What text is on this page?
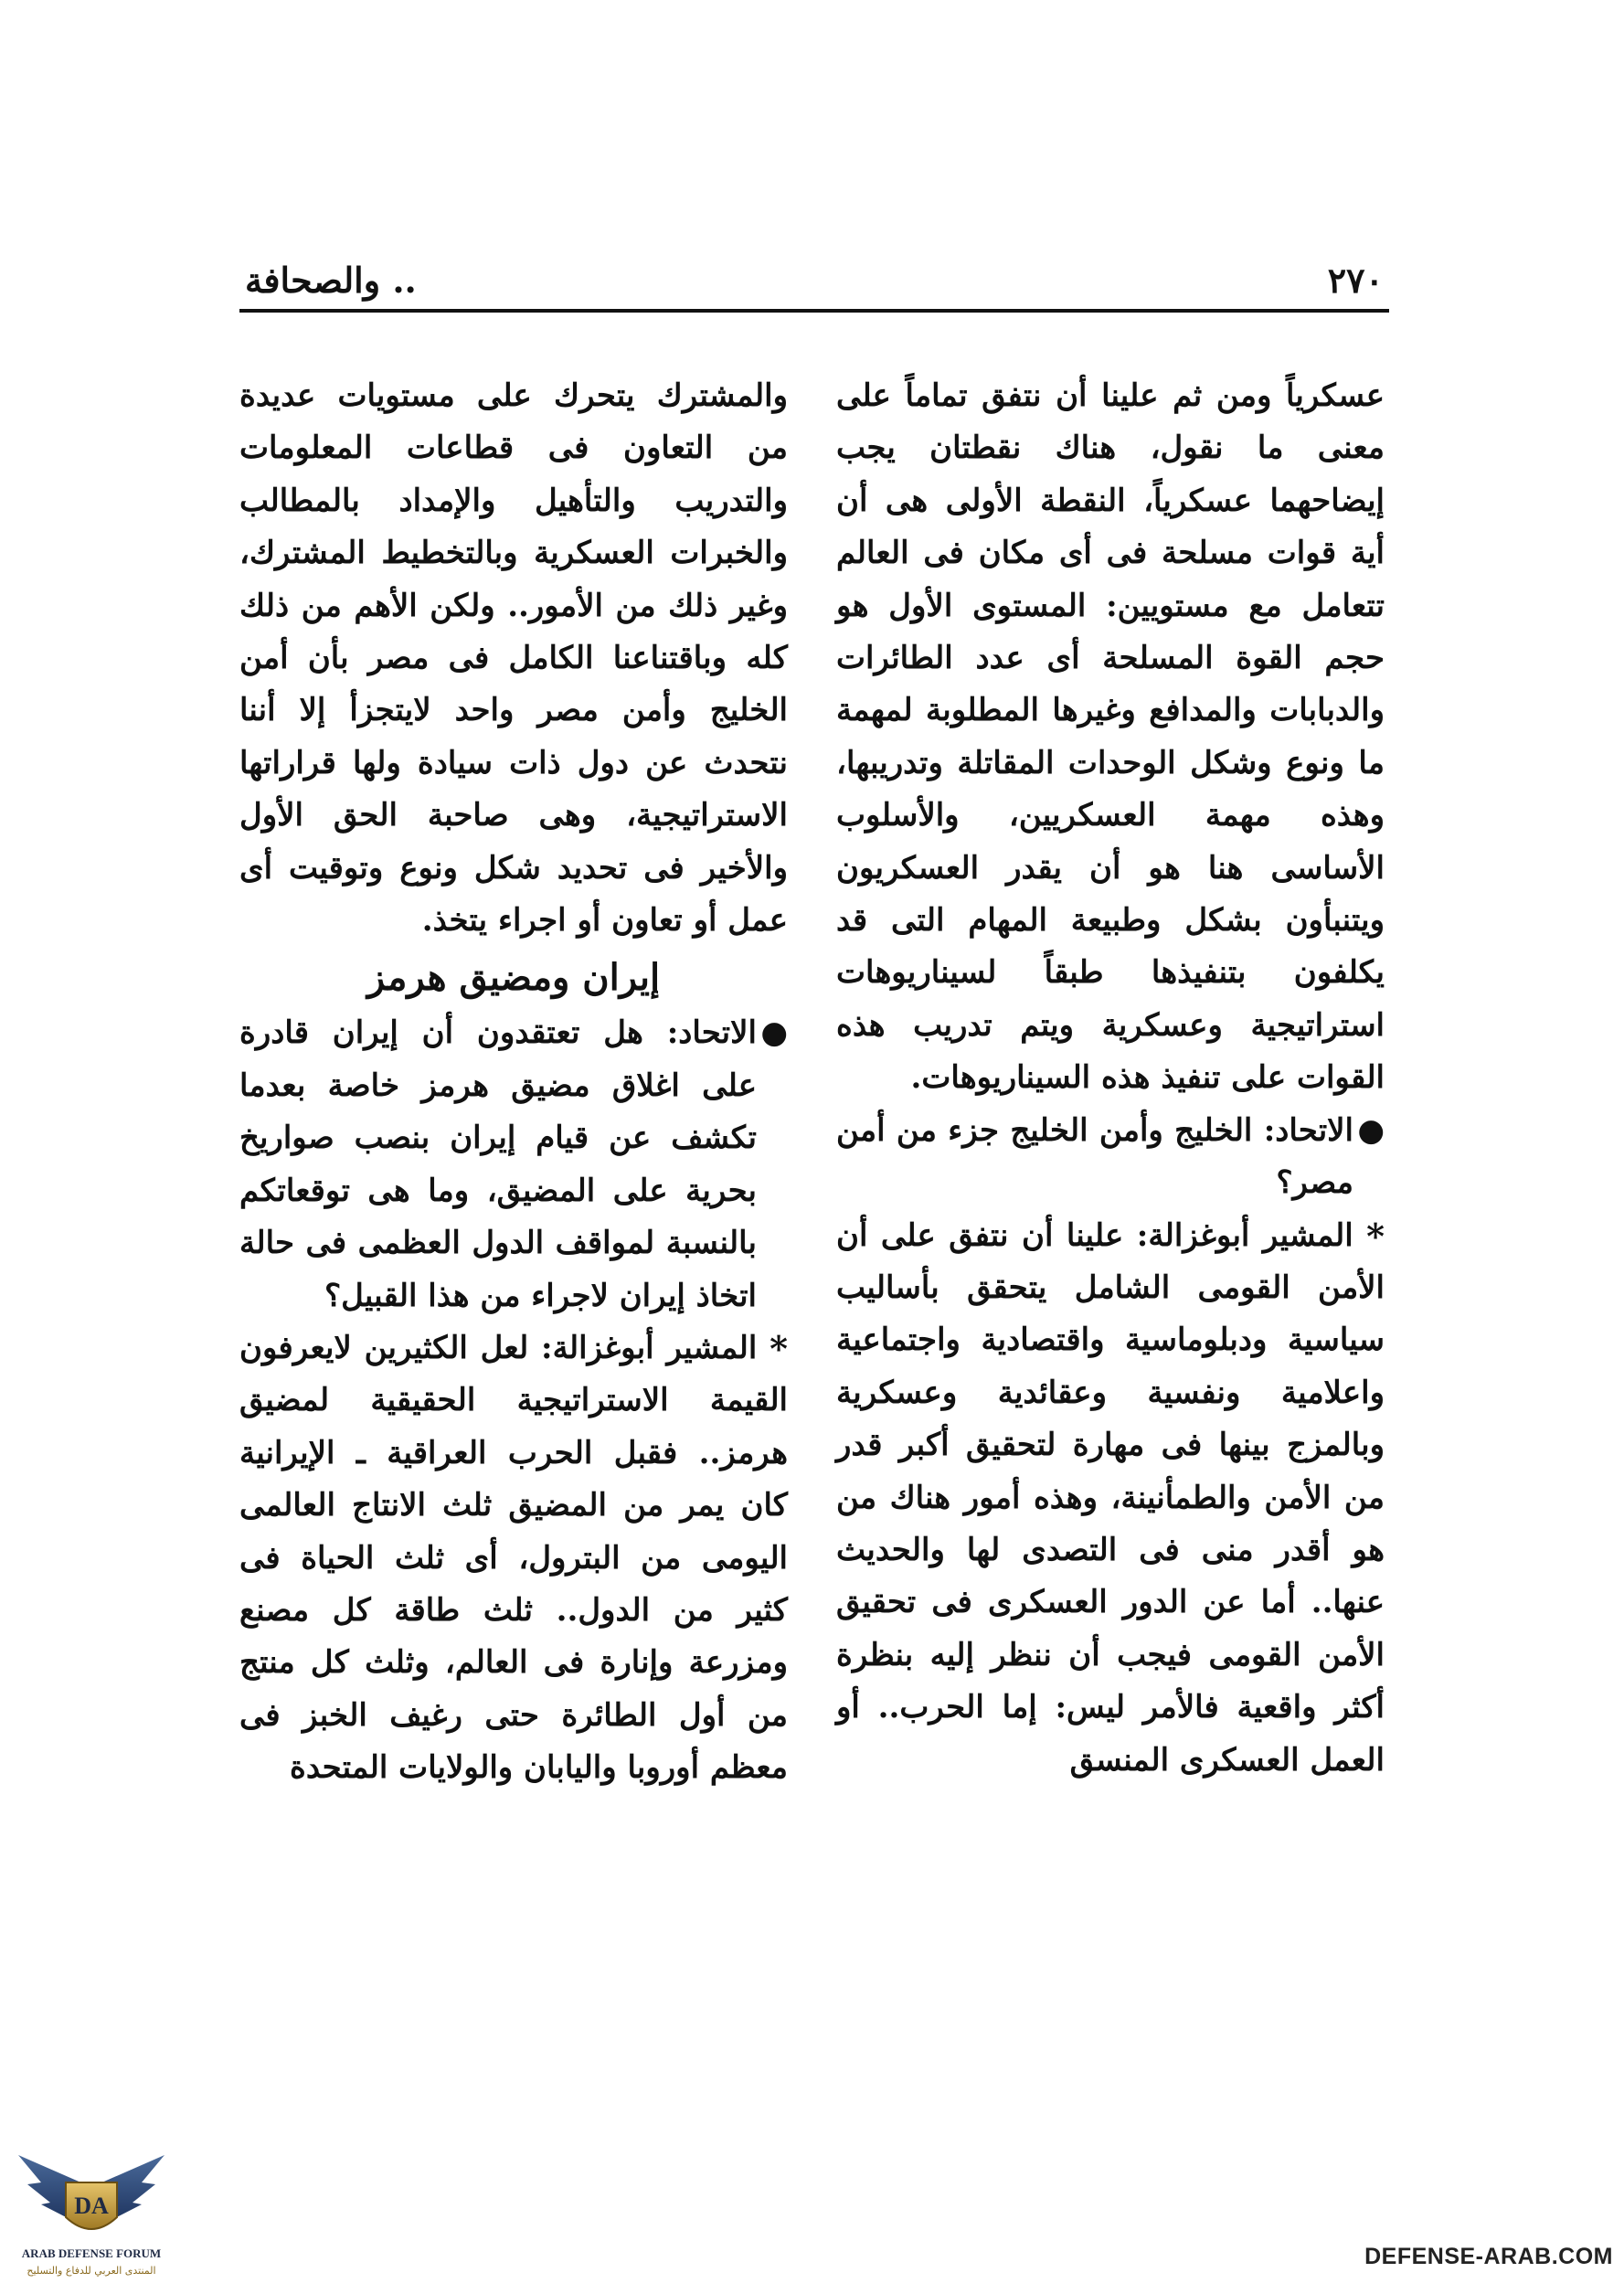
٢٧٠
.. والصحافة

عسكرياً ومن ثم علينا أن نتفق تماماً على معنى ما نقول، هناك نقطتان يجب إيضاحهما عسكرياً، النقطة الأولى هى أن أية قوات مسلحة فى أى مكان فى العالم تتعامل مع مستويين: المستوى الأول هو حجم القوة المسلحة أى عدد الطائرات والدبابات والمدافع وغيرها المطلوبة لمهمة ما ونوع وشكل الوحدات المقاتلة وتدريبها، وهذه مهمة العسكريين، والأسلوب الأساسى هنا هو أن يقدر العسكريون ويتنبأون بشكل وطبيعة المهام التى قد يكلفون بتنفيذها طبقاً لسيناريوهات استراتيجية وعسكرية ويتم تدريب هذه القوات على تنفيذ هذه السيناريوهات.

●الاتحاد: الخليج وأمن الخليج جزء من أمن مصر؟

* المشير أبوغزالة: علينا أن نتفق على أن الأمن القومى الشامل يتحقق بأساليب سياسية ودبلوماسية واقتصادية واجتماعية واعلامية ونفسية وعقائدية وعسكرية وبالمزج بينها فى مهارة لتحقيق أكبر قدر من الأمن والطمأنينة، وهذه أمور هناك من هو أقدر منى فى التصدى لها والحديث عنها.. أما عن الدور العسكرى فى تحقيق الأمن القومى فيجب أن ننظر إليه بنظرة أكثر واقعية فالأمر ليس: إما الحرب.. أو العمل العسكرى المنسق

والمشترك يتحرك على مستويات عديدة من التعاون فى قطاعات المعلومات والتدريب والتأهيل والإمداد بالمطالب والخبرات العسكرية وبالتخطيط المشترك، وغير ذلك من الأمور.. ولكن الأهم من ذلك كله وباقتناعنا الكامل فى مصر بأن أمن الخليج وأمن مصر واحد لايتجزأ إلا أننا نتحدث عن دول ذات سيادة ولها قراراتها الاستراتيجية، وهى صاحبة الحق الأول والأخير فى تحديد شكل ونوع وتوقيت أى عمل أو تعاون أو اجراء يتخذ.

إيران ومضيق هرمز

●الاتحاد: هل تعتقدون أن إيران قادرة على اغلاق مضيق هرمز خاصة بعدما تكشف عن قيام إيران بنصب صواريخ بحرية على المضيق، وما هى توقعاتكم بالنسبة لمواقف الدول العظمى فى حالة اتخاذ إيران لاجراء من هذا القبيل؟

* المشير أبوغزالة: لعل الكثيرين لايعرفون القيمة الاستراتيجية الحقيقية لمضيق هرمز.. فقبل الحرب العراقية ـ الإيرانية كان يمر من المضيق ثلث الانتاج العالمى اليومى من البترول، أى ثلث الحياة فى كثير من الدول.. ثلث طاقة كل مصنع ومزرعة وإنارة فى العالم، وثلث كل منتج من أول الطائرة حتى رغيف الخبز فى معظم أوروبا واليابان والولايات المتحدة

DA
ARAB DEFENSE FORUM
المنتدى العربي للدفاع والتسليح
DEFENSE-ARAB.COM
